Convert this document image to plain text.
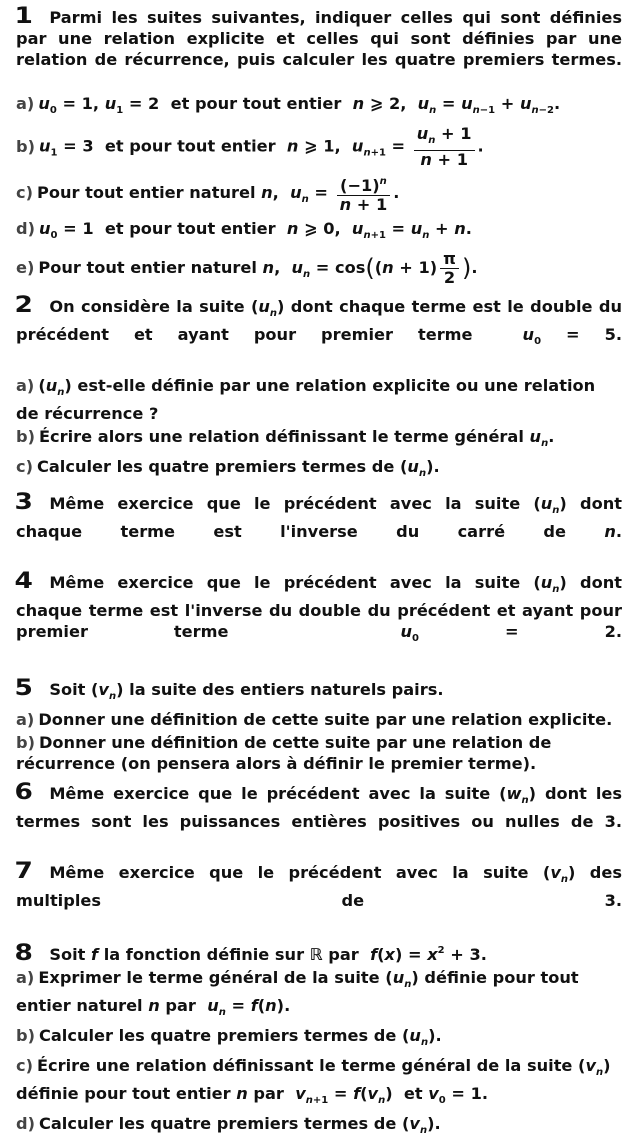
1 Parmi les suites suivantes, indiquer celles qui sont définies par une relation explicite et celles qui sont définies par une relation de récurrence, puis calculer les quatre premiers termes.

a) $u_0 = 1$, $u_1 = 2$  et pour tout entier  n ⩾ 2,  $u_n = u_{n-1} + u_{n-2}$.
b) $u_1 = 3$  et pour tout entier  n ⩾ 1,  $u_{n+1} = \frac{u_n + 1}{n + 1}$ .
c) Pour tout entier naturel n,  $u_n = \frac{(-1)^n}{n + 1}$ .
d) $u_0 = 1$  et pour tout entier  n ⩾ 0,  $u_{n+1} = u_n + n$.
e) Pour tout entier naturel n,  $u_n = \cos((n + 1) \frac{\pi}{2}$ ).

2 On considère la suite $(u_n)$ dont chaque terme est le double du précédent et ayant pour premier terme  $u_0 = 5$.

a) $(u_n)$ est-elle définie par une relation explicite ou une relation de récurrence ?
b) Écrire alors une relation définissant le terme général $u_n$.
c) Calculer les quatre premiers termes de $(u_n)$.

3 Même exercice que le précédent avec la suite $(u_n)$ dont chaque terme est l'inverse du carré de n.

4 Même exercice que le précédent avec la suite $(u_n)$ dont chaque terme est l'inverse du double du précédent et ayant pour premier terme  $u_0 = 2$.

5 Soit $(v_n)$ la suite des entiers naturels pairs.

a) Donner une définition de cette suite par une relation explicite.
b) Donner une définition de cette suite par une relation de récurrence (on pensera alors à définir le premier terme).

6 Même exercice que le précédent avec la suite $(w_n)$ dont les termes sont les puissances entières positives ou nulles de 3.

7 Même exercice que le précédent avec la suite $(v_n)$ des multiples de 3.

8 Soit f la fonction définie sur ℝ par  $f(x) = x^2 + 3$.

a) Exprimer le terme général de la suite $(u_n)$ définie pour tout entier naturel n par  $u_n = f(n)$.
b) Calculer les quatre premiers termes de $(u_n)$.
c) Écrire une relation définissant le terme général de la suite $(v_n)$ définie pour tout entier n par  $v_{n+1} = f(v_n)$  et $v_0 = 1$.
d) Calculer les quatre premiers termes de $(v_n)$.
